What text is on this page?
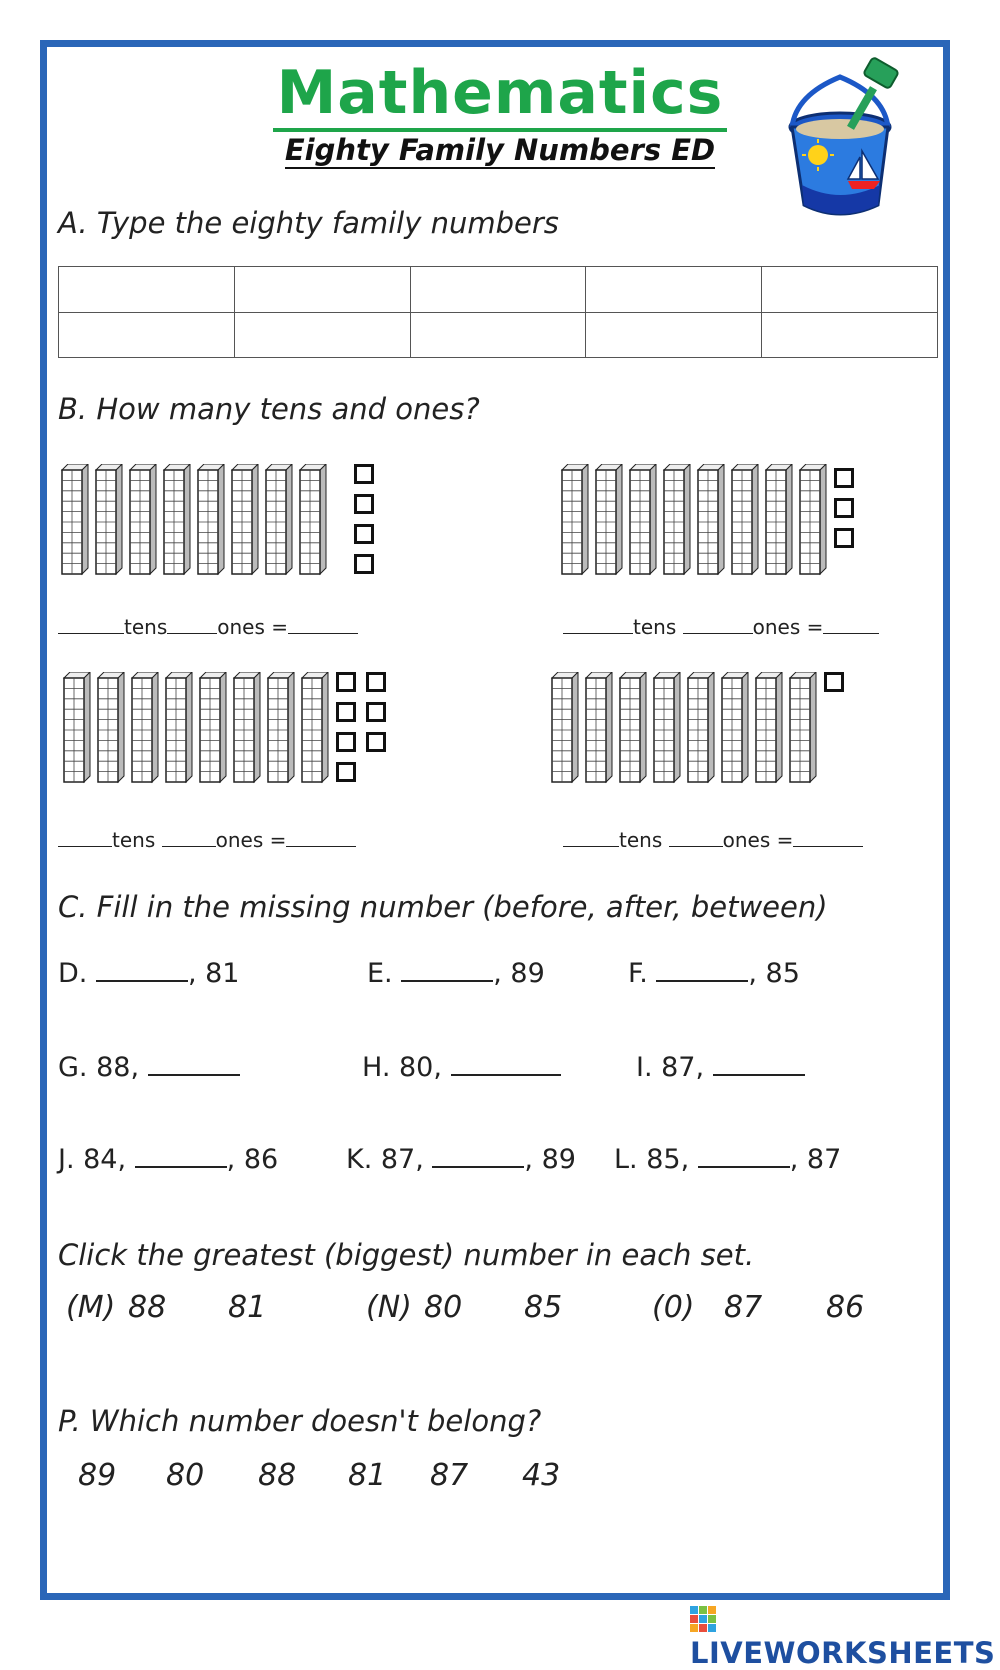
Mathematics
Eighty Family Numbers ED
A. Type the eighty family numbers

B. How many tens and ones?
tens	ones =	tens	ones =
tens	ones =	tens	ones =
C. Fill in the missing number (before, after, between)
D.	, 81	E.	, 89	F.	, 85
G. 88,	H. 80,	I. 87,
J. 84,	, 86	K. 87,	, 89 L. 85,	, 87
Click the greatest (biggest) number in each set.
(M) 88 81	(N) 80 85	(0) 87 86
P. Which number doesn't belong?
89 80 88 81 87 43
LIVEWORKSHEETS
